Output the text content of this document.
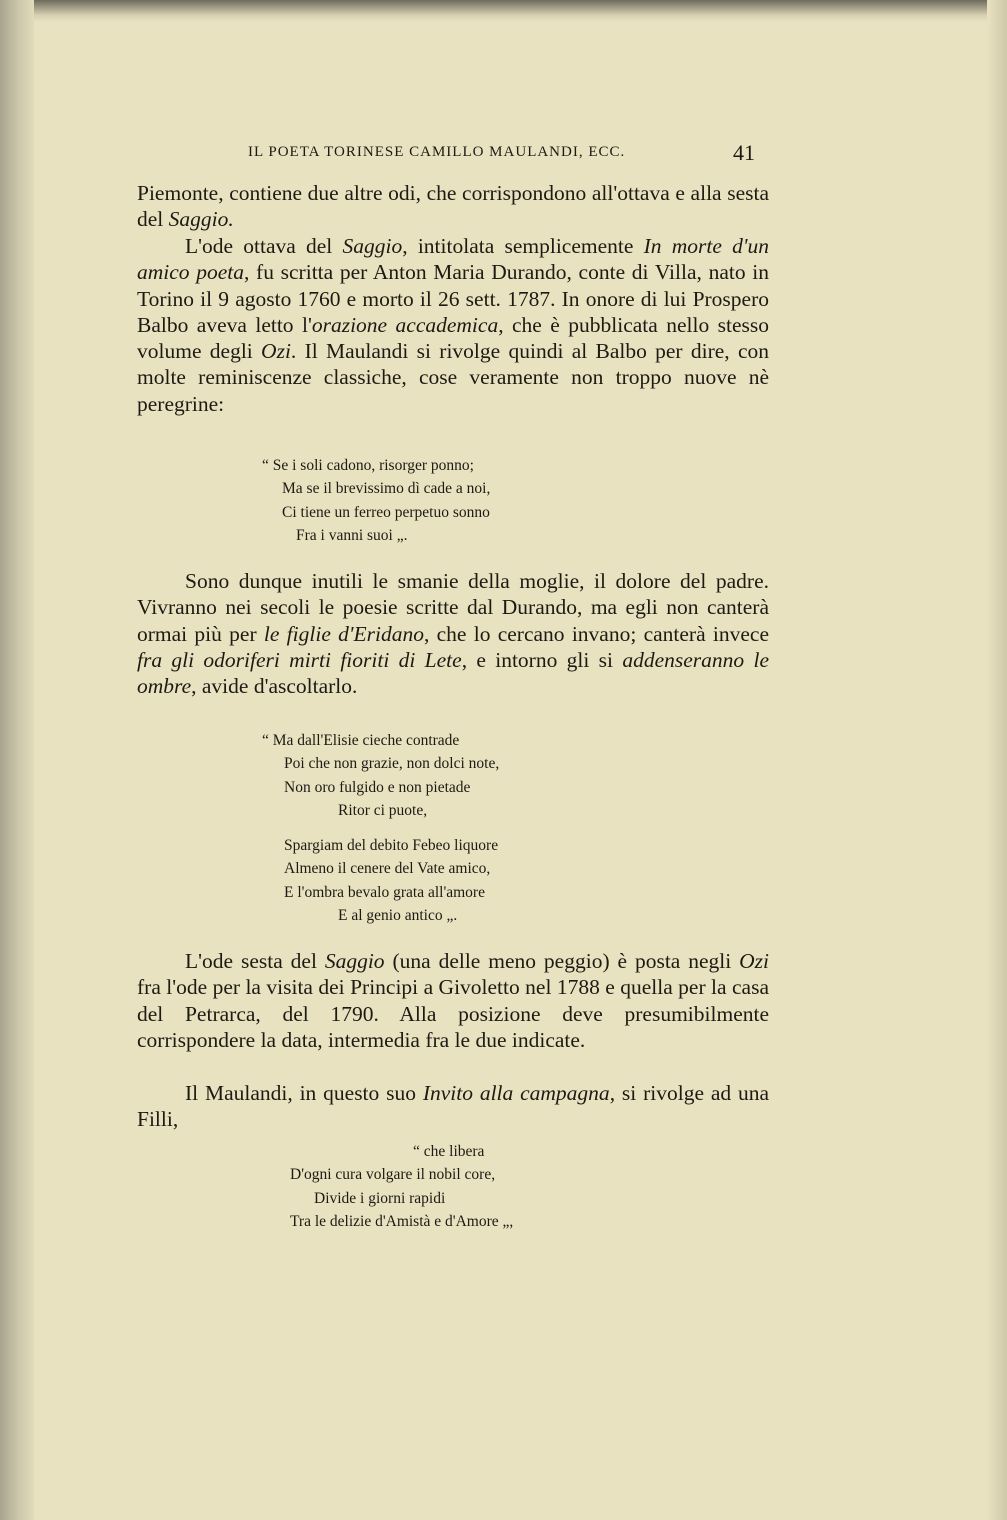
IL POETA TORINESE CAMILLO MAULANDI, ECC.	41
Piemonte, contiene due altre odi, che corrispondono all'ottava e alla sesta del Saggio.
L'ode ottava del Saggio, intitolata semplicemente In morte d'un amico poeta, fu scritta per Anton Maria Durando, conte di Villa, nato in Torino il 9 agosto 1760 e morto il 26 sett. 1787. In onore di lui Prospero Balbo aveva letto l'orazione accademica, che è pubblicata nello stesso volume degli Ozi. Il Maulandi si rivolge quindi al Balbo per dire, con molte reminiscenze classiche, cose veramente non troppo nuove nè peregrine:
“ Se i soli cadono, risorger ponno;
Ma se il brevissimo dì cade a noi,
Ci tiene un ferreo perpetuo sonno
Fra i vanni suoi „.
Sono dunque inutili le smanie della moglie, il dolore del padre. Vivranno nei secoli le poesie scritte dal Durando, ma egli non canterà ormai più per le figlie d'Eridano, che lo cercano invano; canterà invece fra gli odoriferi mirti fioriti di Lete, e intorno gli si addenseranno le ombre, avide d'ascoltarlo.
“ Ma dall'Elisie cieche contrade
Poi che non grazie, non dolci note,
Non oro fulgido e non pietade
Ritor ci puote,
Spargiam del debito Febeo liquore
Almeno il cenere del Vate amico,
E l'ombra bevalo grata all'amore
E al genio antico „.
L'ode sesta del Saggio (una delle meno peggio) è posta negli Ozi fra l'ode per la visita dei Principi a Givoletto nel 1788 e quella per la casa del Petrarca, del 1790. Alla posizione deve presumibilmente corrispondere la data, intermedia fra le due indicate.
Il Maulandi, in questo suo Invito alla campagna, si rivolge ad una Filli,
“ che libera
D'ogni cura volgare il nobil core,
Divide i giorni rapidi
Tra le delizie d'Amistà e d'Amore „,
